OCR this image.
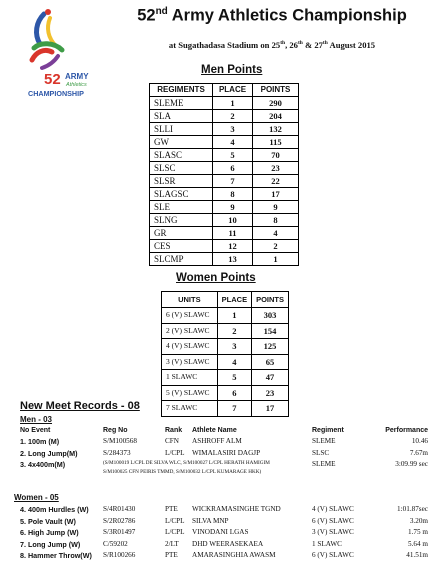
52 ARMY
Athletics
CHAMPIONSHIP
52nd Army Athletics Championship
at Sugathadasa Stadium on 25th, 26th & 27th August 2015
Men Points
REGIMENTS	PLACE	POINTS
SLEME	1	290
SLA	2	204
SLLI	3	132
GW	4	115
SLASC	5	70
SLSC	6	23
SLSR	7	22
SLAGSC	8	17
SLE	9	9
SLNG	10	8
GR	11	4
CES	12	2
SLCMP	13	1
Women Points
UNITS	PLACE	POINTS
6 (V) SLAWC	1	303
2 (V) SLAWC	2	154
4 (V) SLAWC	3	125
3 (V) SLAWC	4	65
1 SLAWC	5	47
5 (V) SLAWC	6	23
7 SLAWC	7	17
New Meet Records - 08
Men - 03
No Event	Reg No	Rank Athlete Name	Regiment	Performance
1. 100m (M)	S/M100568	CFN ASHROFF ALM	SLEME	10.46
2. Long Jump(M)	S/284373	L/CPL WIMALASIRI DAGJP	SLSC	7.67m
3. 4x400m(M)	SLEME	3:09.99 sec
(S/M100019 L/CPL DE SILVA WLC, S/M100027 L/CPL HERATH HAMIGIM
S/M100025 CFN PEIRIS TMMD, S/M100032 L/CPL KUMARAGE HKK)
Women - 05
4. 400m Hurdles (W) S/4R01430	PTE WICKRAMASINGHE TGND	4 (V) SLAWC	1:01.87sec
5. Pole Vault (W)	S/2R02786	L/CPL SILVA MNP	6 (V) SLAWC	3.20m
6. High Jump (W)	S/3R01497	L/CPL VINODANI LGAS	3 (V) SLAWC	1.75 m
7. Long Jump (W)	C/59202	2/LT DHD WEERASEKAEA	1 SLAWC	5.64 m
8. Hammer Throw(W) S/R100266	PTE AMARASINGHIA AWASM	6 (V) SLAWC	41.51m
